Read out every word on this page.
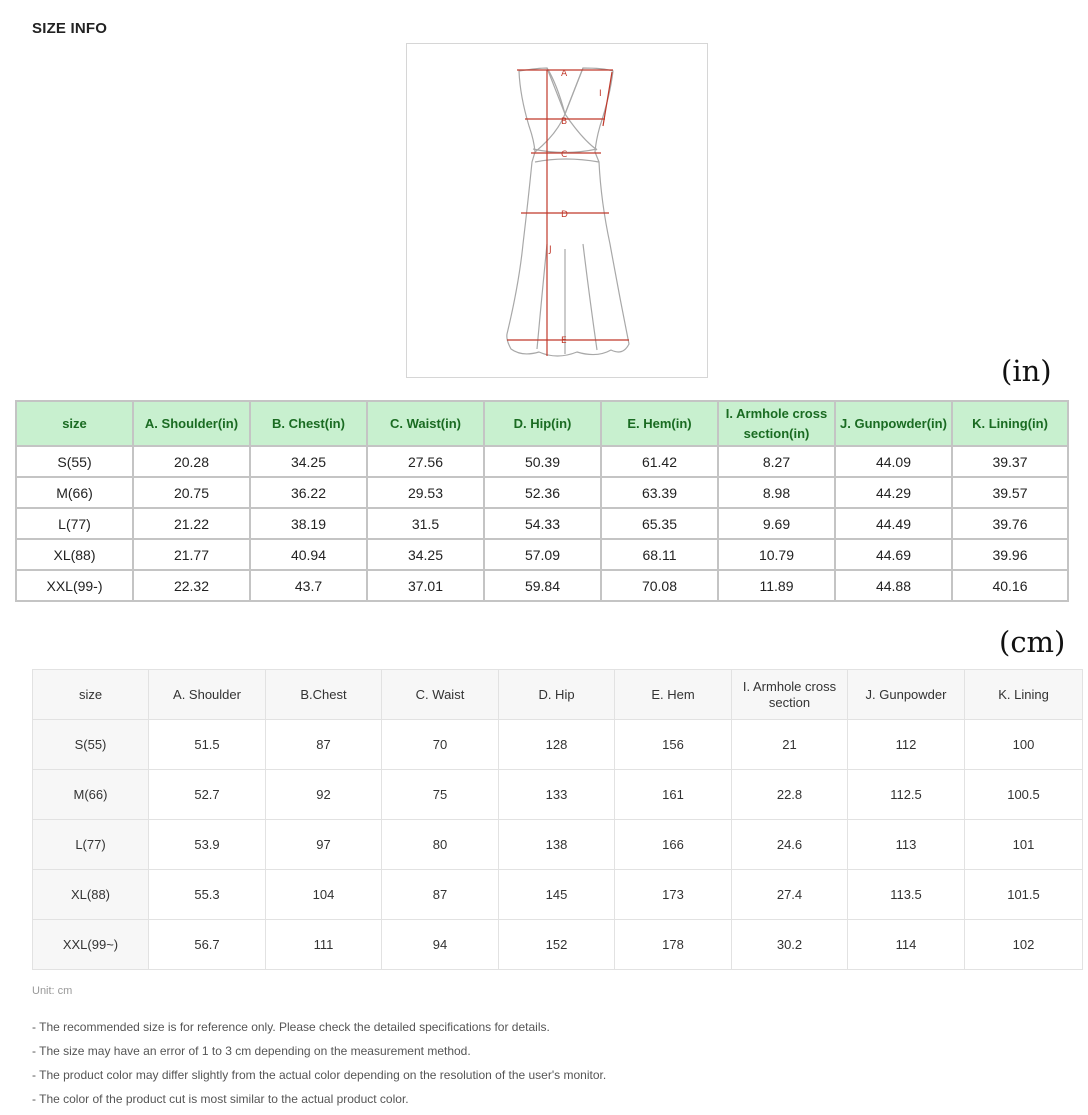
SIZE INFO
A
B
C
D
E
I
J
(in)
size	A. Shoulder(in)	B. Chest(in)	C. Waist(in)	D. Hip(in)	E. Hem(in)	I. Armhole cross section(in)	J. Gunpowder(in)	K. Lining(in)
S(55)	20.28	34.25	27.56	50.39	61.42	8.27	44.09	39.37
M(66)	20.75	36.22	29.53	52.36	63.39	8.98	44.29	39.57
L(77)	21.22	38.19	31.5	54.33	65.35	9.69	44.49	39.76
XL(88)	21.77	40.94	34.25	57.09	68.11	10.79	44.69	39.96
XXL(99-)	22.32	43.7	37.01	59.84	70.08	11.89	44.88	40.16
(cm)
size	A. Shoulder	B.Chest	C. Waist	D. Hip	E. Hem	I. Armhole cross section	J. Gunpowder	K. Lining
S(55)	51.5	87	70	128	156	21	112	100
M(66)	52.7	92	75	133	161	22.8	112.5	100.5
L(77)	53.9	97	80	138	166	24.6	113	101
XL(88)	55.3	104	87	145	173	27.4	113.5	101.5
XXL(99~)	56.7	111	94	152	178	30.2	114	102
Unit: cm
- The recommended size is for reference only. Please check the detailed specifications for details.
- The size may have an error of 1 to 3 cm depending on the measurement method.
- The product color may differ slightly from the actual color depending on the resolution of the user's monitor.
- The color of the product cut is most similar to the actual product color.
